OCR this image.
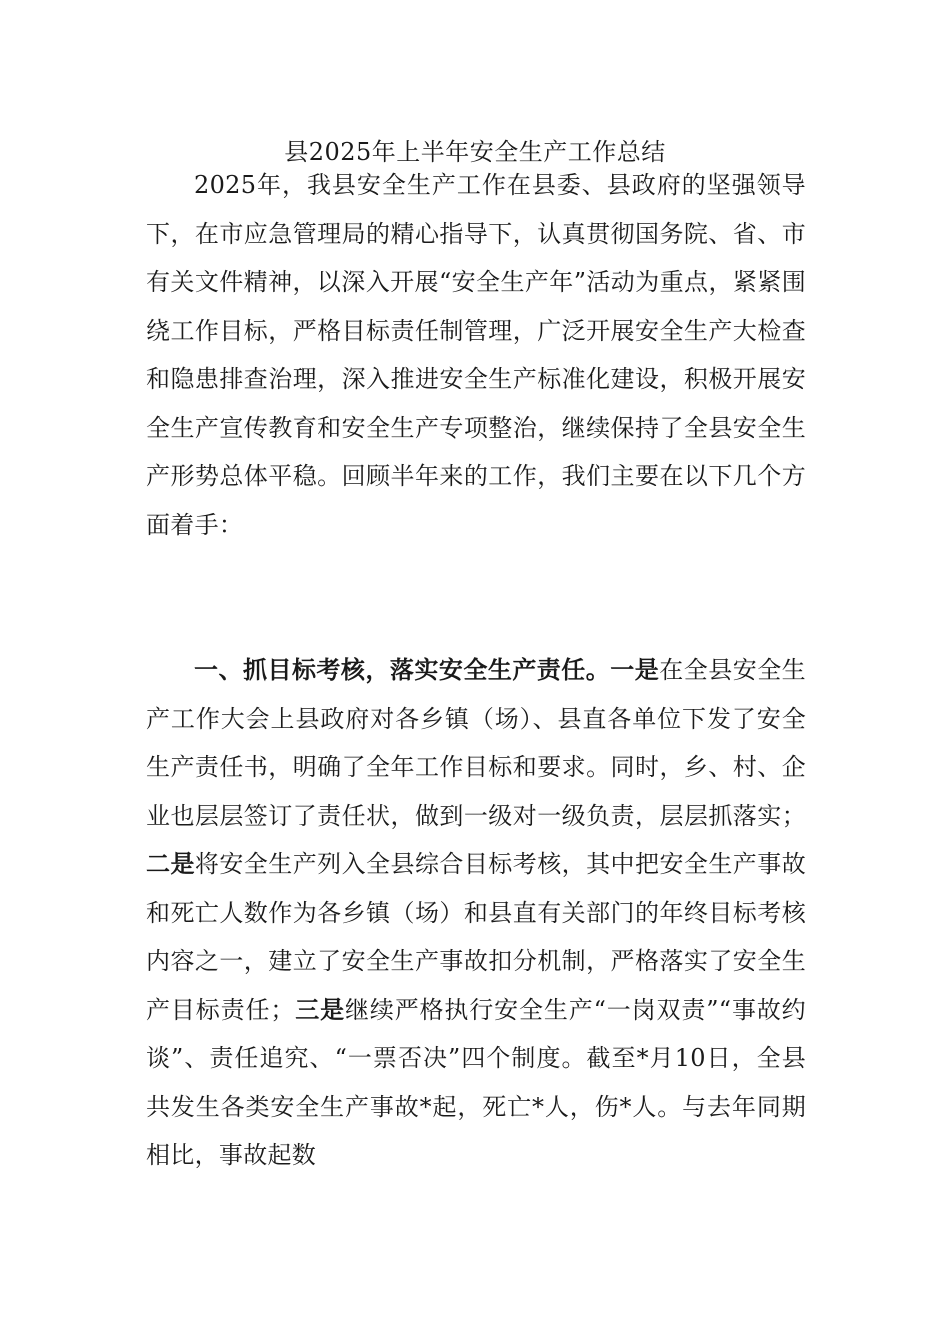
县2025年上半年安全生产工作总结

2025年，我县安全生产工作在县委、县政府的坚强领导下，在市应急管理局的精心指导下，认真贯彻国务院、省、市有关文件精神，以深入开展“安全生产年”活动为重点，紧紧围绕工作目标，严格目标责任制管理，广泛开展安全生产大检查和隐患排查治理，深入推进安全生产标准化建设，积极开展安全生产宣传教育和安全生产专项整治，继续保持了全县安全生产形势总体平稳。回顾半年来的工作，我们主要在以下几个方面着手：

一、抓目标考核，落实安全生产责任。一是在全县安全生产工作大会上县政府对各乡镇（场）、县直各单位下发了安全生产责任书，明确了全年工作目标和要求。同时，乡、村、企业也层层签订了责任状，做到一级对一级负责，层层抓落实；二是将安全生产列入全县综合目标考核，其中把安全生产事故和死亡人数作为各乡镇（场）和县直有关部门的年终目标考核内容之一，建立了安全生产事故扣分机制，严格落实了安全生产目标责任；三是继续严格执行安全生产“一岗双责”“事故约谈”、责任追究、“一票否决”四个制度。截至*月10日，全县共发生各类安全生产事故*起，死亡*人，伤*人。与去年同期相比，事故起数
